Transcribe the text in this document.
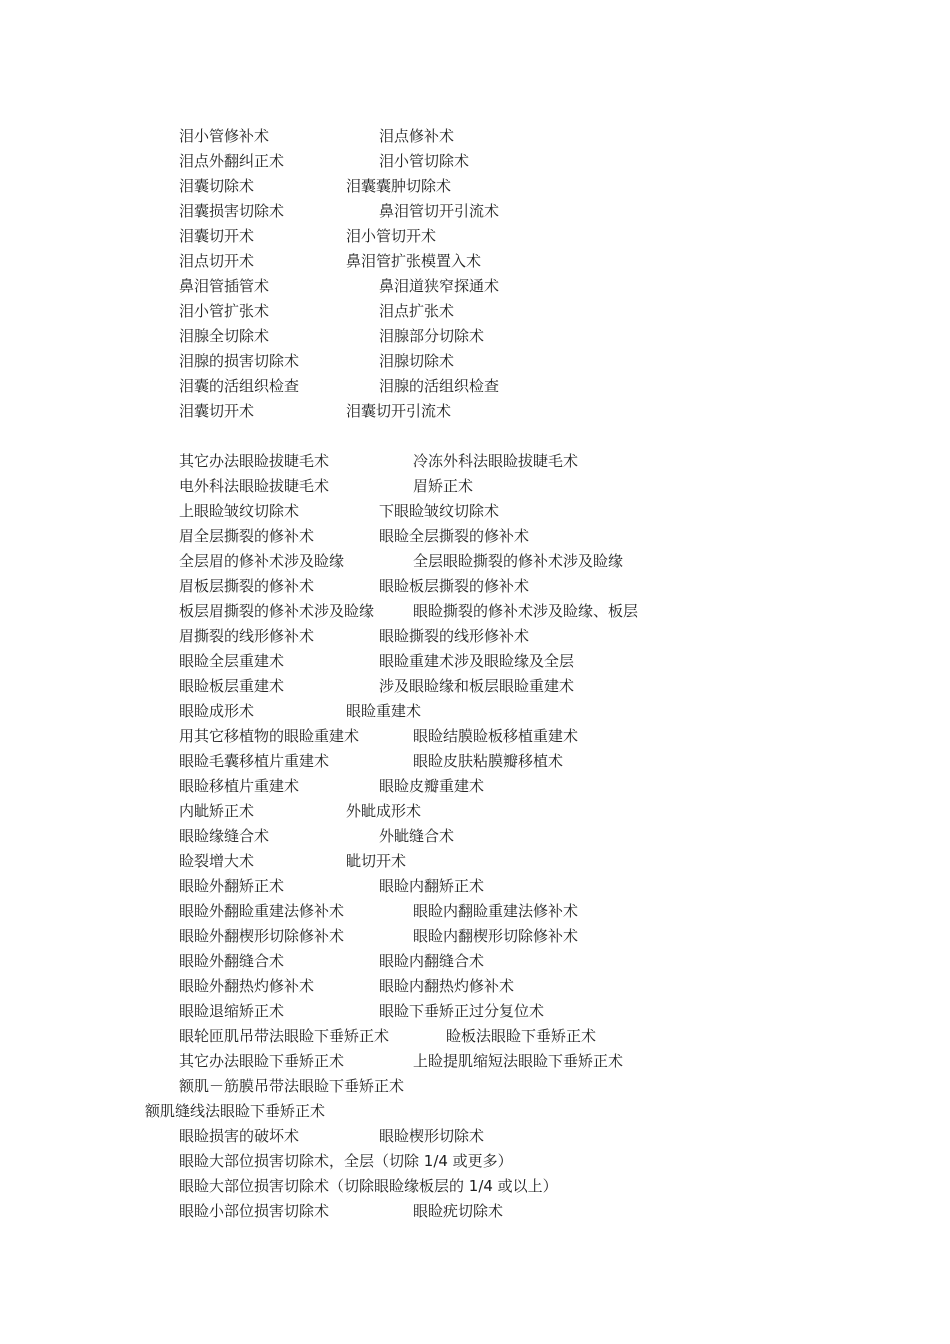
泪小管修补术	泪点修补术
泪点外翻纠正术	泪小管切除术
泪囊切除术	泪囊囊肿切除术
泪囊损害切除术	鼻泪管切开引流术
泪囊切开术	泪小管切开术
泪点切开术	鼻泪管扩张模置入术
鼻泪管插管术	鼻泪道狭窄探通术
泪小管扩张术	泪点扩张术
泪腺全切除术	泪腺部分切除术
泪腺的损害切除术	泪腺切除术
泪囊的活组织检查	泪腺的活组织检查
泪囊切开术	泪囊切开引流术
其它办法眼睑拔睫毛术	冷冻外科法眼睑拔睫毛术
电外科法眼睑拔睫毛术	眉矫正术
上眼睑皱纹切除术	下眼睑皱纹切除术
眉全层撕裂的修补术	眼睑全层撕裂的修补术
全层眉的修补术涉及睑缘	全层眼睑撕裂的修补术涉及睑缘
眉板层撕裂的修补术	眼睑板层撕裂的修补术
板层眉撕裂的修补术涉及睑缘	眼睑撕裂的修补术涉及睑缘、板层
眉撕裂的线形修补术	眼睑撕裂的线形修补术
眼睑全层重建术	眼睑重建术涉及眼睑缘及全层
眼睑板层重建术	涉及眼睑缘和板层眼睑重建术
眼睑成形术	眼睑重建术
用其它移植物的眼睑重建术	眼睑结膜睑板移植重建术
眼睑毛囊移植片重建术	眼睑皮肤粘膜瓣移植术
眼睑移植片重建术	眼睑皮瓣重建术
内眦矫正术	外眦成形术
眼睑缘缝合术	外眦缝合术
睑裂增大术	眦切开术
眼睑外翻矫正术	眼睑内翻矫正术
眼睑外翻睑重建法修补术	眼睑内翻睑重建法修补术
眼睑外翻楔形切除修补术	眼睑内翻楔形切除修补术
眼睑外翻缝合术	眼睑内翻缝合术
眼睑外翻热灼修补术	眼睑内翻热灼修补术
眼睑退缩矫正术	眼睑下垂矫正过分复位术
眼轮匝肌吊带法眼睑下垂矫正术	睑板法眼睑下垂矫正术
其它办法眼睑下垂矫正术	上睑提肌缩短法眼睑下垂矫正术
额肌－筋膜吊带法眼睑下垂矫正术
额肌缝线法眼睑下垂矫正术
眼睑损害的破坏术	眼睑楔形切除术
眼睑大部位损害切除术，全层（切除 1/4 或更多）
眼睑大部位损害切除术（切除眼睑缘板层的 1/4 或以上）
眼睑小部位损害切除术	眼睑疣切除术
